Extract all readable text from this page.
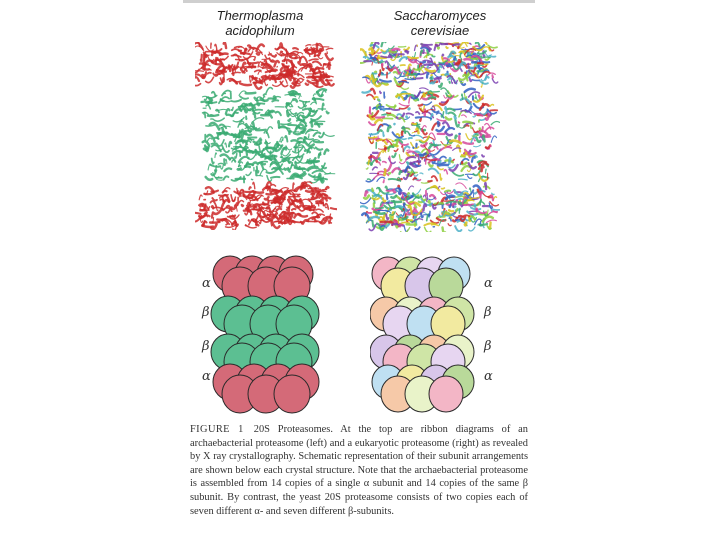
Thermoplasma
acidophilum
Saccharomyces
cerevisiae
α
β
β
α
α
β
β
α
FIGURE 1 20S Proteasomes. At the top are ribbon diagrams of an archaebacterial proteasome (left) and a eukaryotic proteasome (right) as revealed by X ray crystallography. Schematic representation of their subunit arrangements are shown below each crystal structure. Note that the archaebacterial proteasome is assembled from 14 copies of a single α subunit and 14 copies of the same β subunit. By contrast, the yeast 20S proteasome consists of two copies each of seven different α- and seven different β-subunits.
